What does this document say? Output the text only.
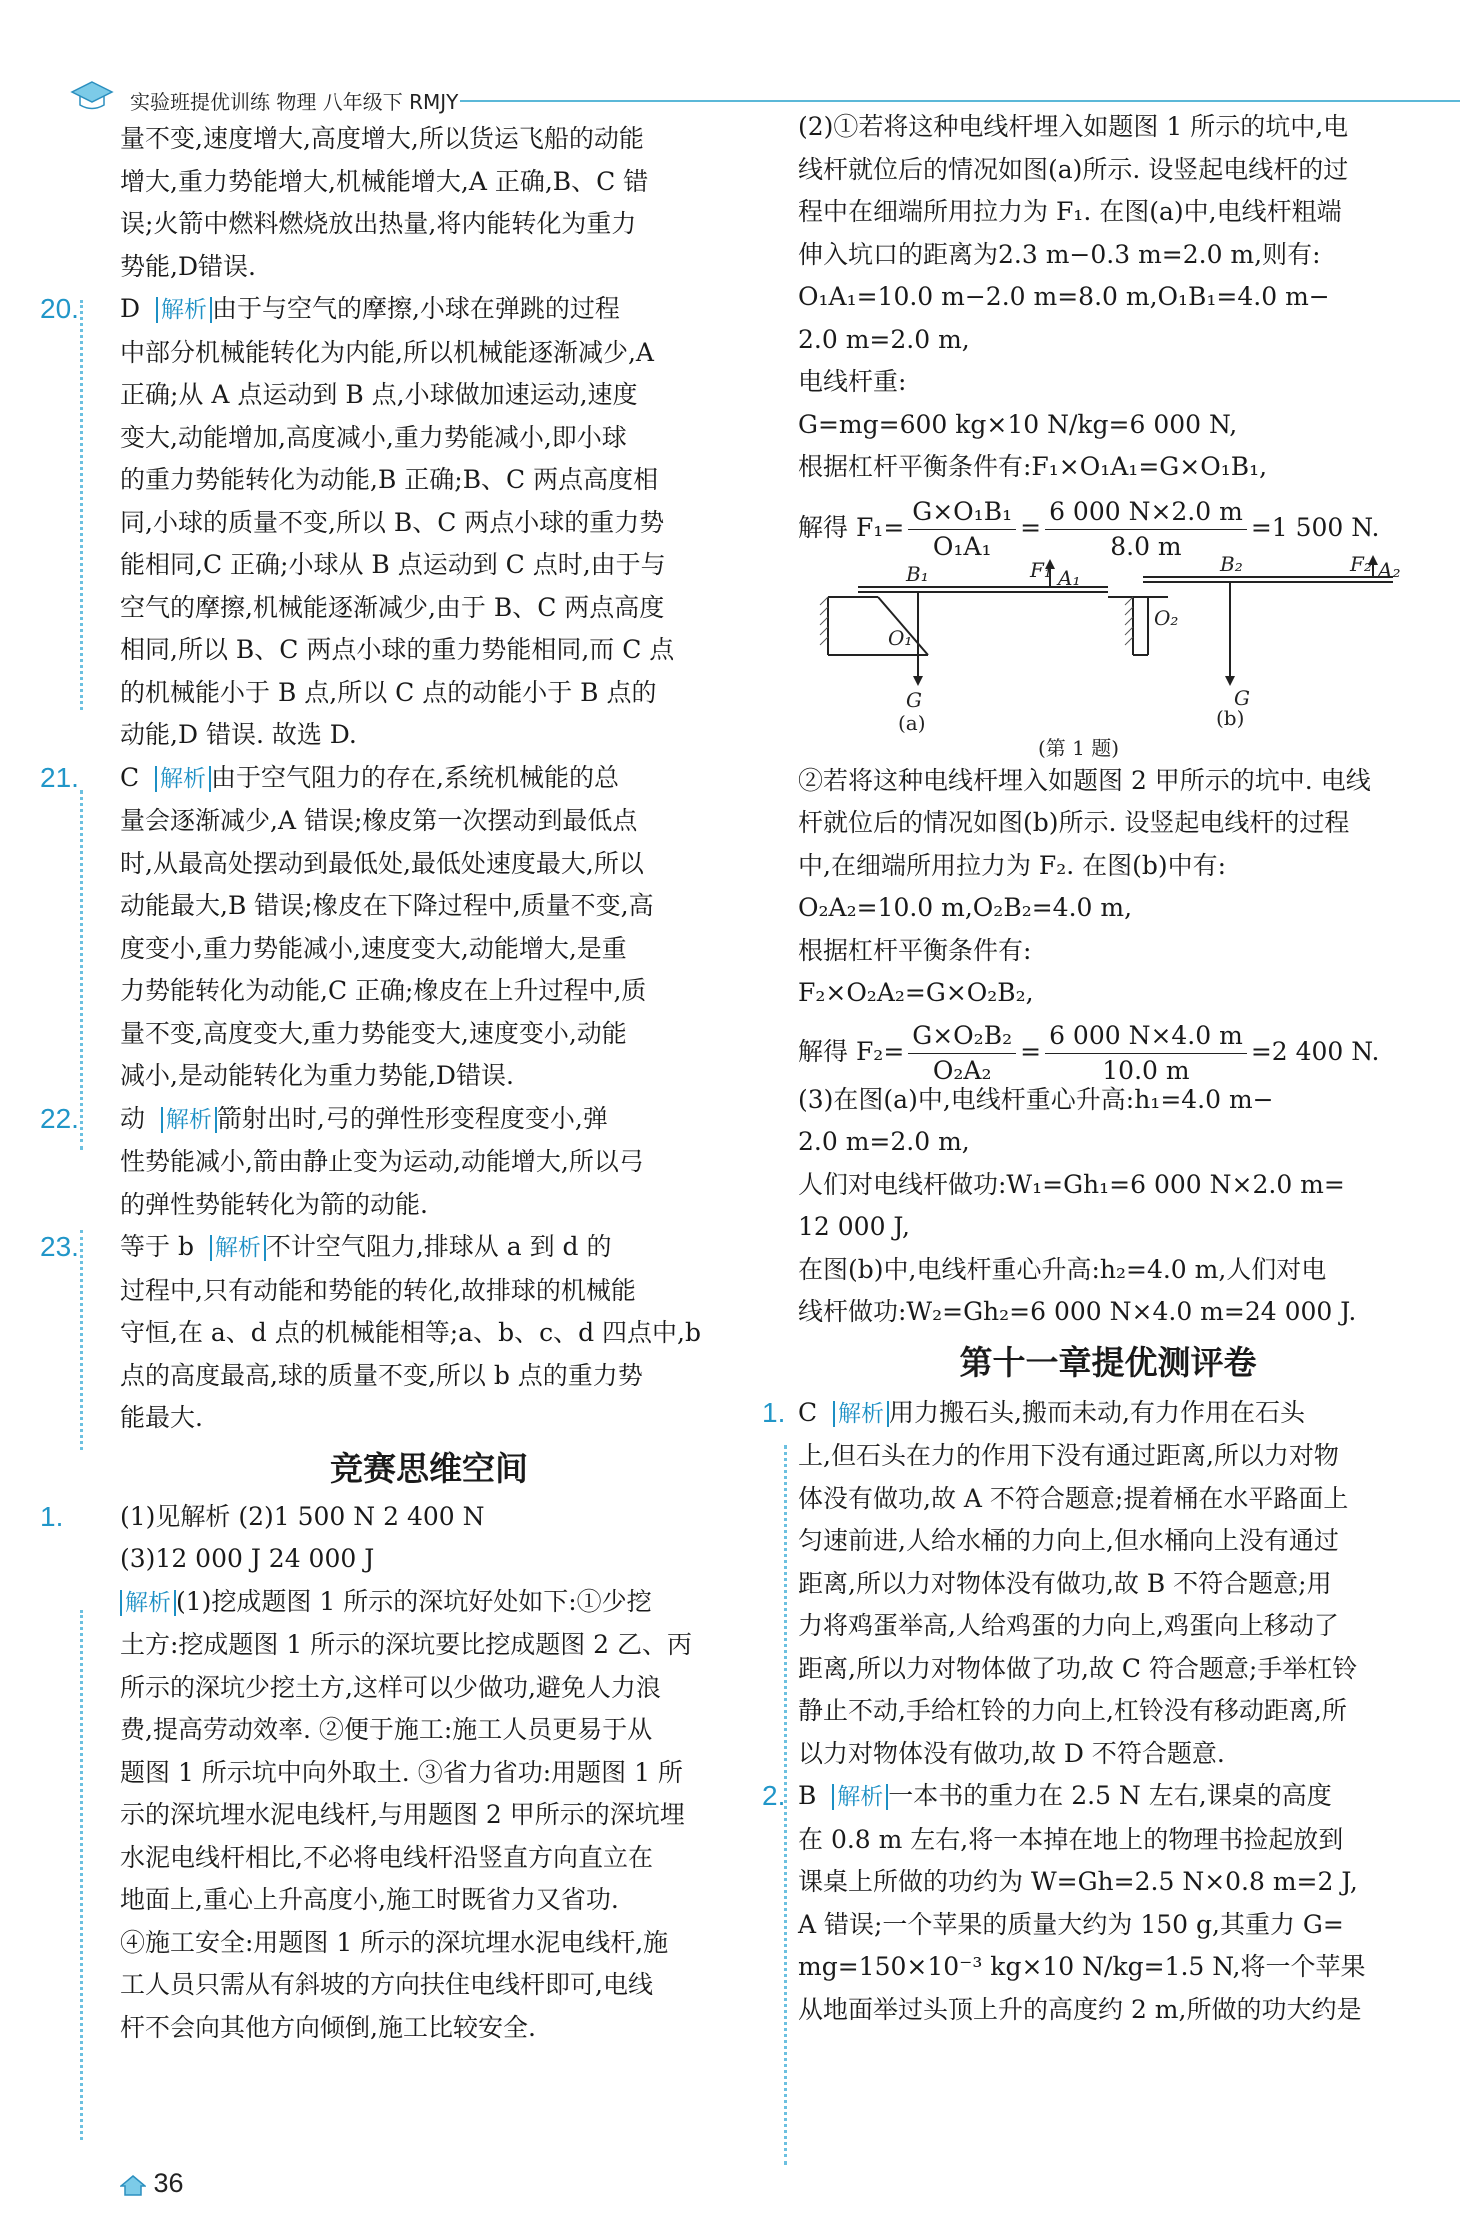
实验班提优训练 物理 八年级下 RMJY

量不变,速度增大,高度增大,所以货运飞船的动能

增大,重力势能增大,机械能增大,A 正确,B、C 错

误;火箭中燃料燃烧放出热量,将内能转化为重力

势能,D错误.

20. D 解析 由于与空气的摩擦,小球在弹跳的过程

中部分机械能转化为内能,所以机械能逐渐减少,A

正确;从 A 点运动到 B 点,小球做加速运动,速度

变大,动能增加,高度减小,重力势能减小,即小球

的重力势能转化为动能,B 正确;B、C 两点高度相

同,小球的质量不变,所以 B、C 两点小球的重力势

能相同,C 正确;小球从 B 点运动到 C 点时,由于与

空气的摩擦,机械能逐渐减少,由于 B、C 两点高度

相同,所以 B、C 两点小球的重力势能相同,而 C 点

的机械能小于 B 点,所以 C 点的动能小于 B 点的

动能,D 错误. 故选 D.

21. C 解析 由于空气阻力的存在,系统机械能的总

量会逐渐减少,A 错误;橡皮第一次摆动到最低点

时,从最高处摆动到最低处,最低处速度最大,所以

动能最大,B 错误;橡皮在下降过程中,质量不变,高

度变小,重力势能减小,速度变大,动能增大,是重

力势能转化为动能,C 正确;橡皮在上升过程中,质

量不变,高度变大,重力势能变大,速度变小,动能

减小,是动能转化为重力势能,D错误.

22. 动 解析 箭射出时,弓的弹性形变程度变小,弹

性势能减小,箭由静止变为运动,动能增大,所以弓

的弹性势能转化为箭的动能.

23. 等于 b 解析 不计空气阻力,排球从 a 到 d 的

过程中,只有动能和势能的转化,故排球的机械能

守恒,在 a、d 点的机械能相等;a、b、c、d 四点中,b

点的高度最高,球的质量不变,所以 b 点的重力势

能最大.

竞赛思维空间
1. (1)见解析 (2)1 500 N 2 400 N

(3)12 000 J 24 000 J

解析 (1)挖成题图 1 所示的深坑好处如下:①少挖

土方:挖成题图 1 所示的深坑要比挖成题图 2 乙、丙

所示的深坑少挖土方,这样可以少做功,避免人力浪

费,提高劳动效率. ②便于施工:施工人员更易于从

题图 1 所示坑中向外取土. ③省力省功:用题图 1 所

示的深坑埋水泥电线杆,与用题图 2 甲所示的深坑埋

水泥电线杆相比,不必将电线杆沿竖直方向直立在

地面上,重心上升高度小,施工时既省力又省功.

④施工安全:用题图 1 所示的深坑埋水泥电线杆,施

工人员只需从有斜坡的方向扶住电线杆即可,电线

杆不会向其他方向倾倒,施工比较安全.

(2)①若将这种电线杆埋入如题图 1 所示的坑中,电

线杆就位后的情况如图(a)所示. 设竖起电线杆的过

程中在细端所用拉力为 F₁. 在图(a)中,电线杆粗端

伸入坑口的距离为2.3 m−0.3 m=2.0 m,则有:

O₁A₁=10.0 m−2.0 m=8.0 m,O₁B₁=4.0 m−

2.0 m=2.0 m,

电线杆重:

G=mg=600 kg×10 N/kg=6 000 N,

根据杠杆平衡条件有:F₁×O₁A₁=G×O₁B₁,

解得 $F_1= \frac{\text{G×O₁B₁}}{\text{O₁A₁}} = \frac{6 000 N\times 2.0 m}{8.0 m} =1$ 500 N.

B₁	F₁ A₁
O₁
G
B₂	F₂ A₂
O₂
G
(a)	(b)
(第 1 题)

②若将这种电线杆埋入如题图 2 甲所示的坑中. 电线

杆就位后的情况如图(b)所示. 设竖起电线杆的过程

中,在细端所用拉力为 F₂. 在图(b)中有:

O₂A₂=10.0 m,O₂B₂=4.0 m,

根据杠杆平衡条件有:

F₂×O₂A₂=G×O₂B₂,

解得 $F_2= \frac{\text{G×O₂B₂}}{\text{O₂A₂}} = \frac{6 000 N\times 4.0 m}{10.0 m} =2$ 400 N.

(3)在图(a)中,电线杆重心升高:h₁=4.0 m−

2.0 m=2.0 m,

人们对电线杆做功:W₁=Gh₁=6 000 N×2.0 m=

12 000 J,

在图(b)中,电线杆重心升高:h₂=4.0 m,人们对电

线杆做功:W₂=Gh₂=6 000 N×4.0 m=24 000 J.

第十一章提优测评卷
1. C 解析 用力搬石头,搬而未动,有力作用在石头

上,但石头在力的作用下没有通过距离,所以力对物

体没有做功,故 A 不符合题意;提着桶在水平路面上

匀速前进,人给水桶的力向上,但水桶向上没有通过

距离,所以力对物体没有做功,故 B 不符合题意;用

力将鸡蛋举高,人给鸡蛋的力向上,鸡蛋向上移动了

距离,所以力对物体做了功,故 C 符合题意;手举杠铃

静止不动,手给杠铃的力向上,杠铃没有移动距离,所

以力对物体没有做功,故 D 不符合题意.

2. B 解析 一本书的重力在 2.5 N 左右,课桌的高度

在 0.8 m 左右,将一本掉在地上的物理书捡起放到

课桌上所做的功约为 W=Gh=2.5 N×0.8 m=2 J,

A 错误;一个苹果的质量大约为 150 g,其重力 G=

mg=150×10⁻³ kg×10 N/kg=1.5 N,将一个苹果

从地面举过头顶上升的高度约 2 m,所做的功大约是

36
